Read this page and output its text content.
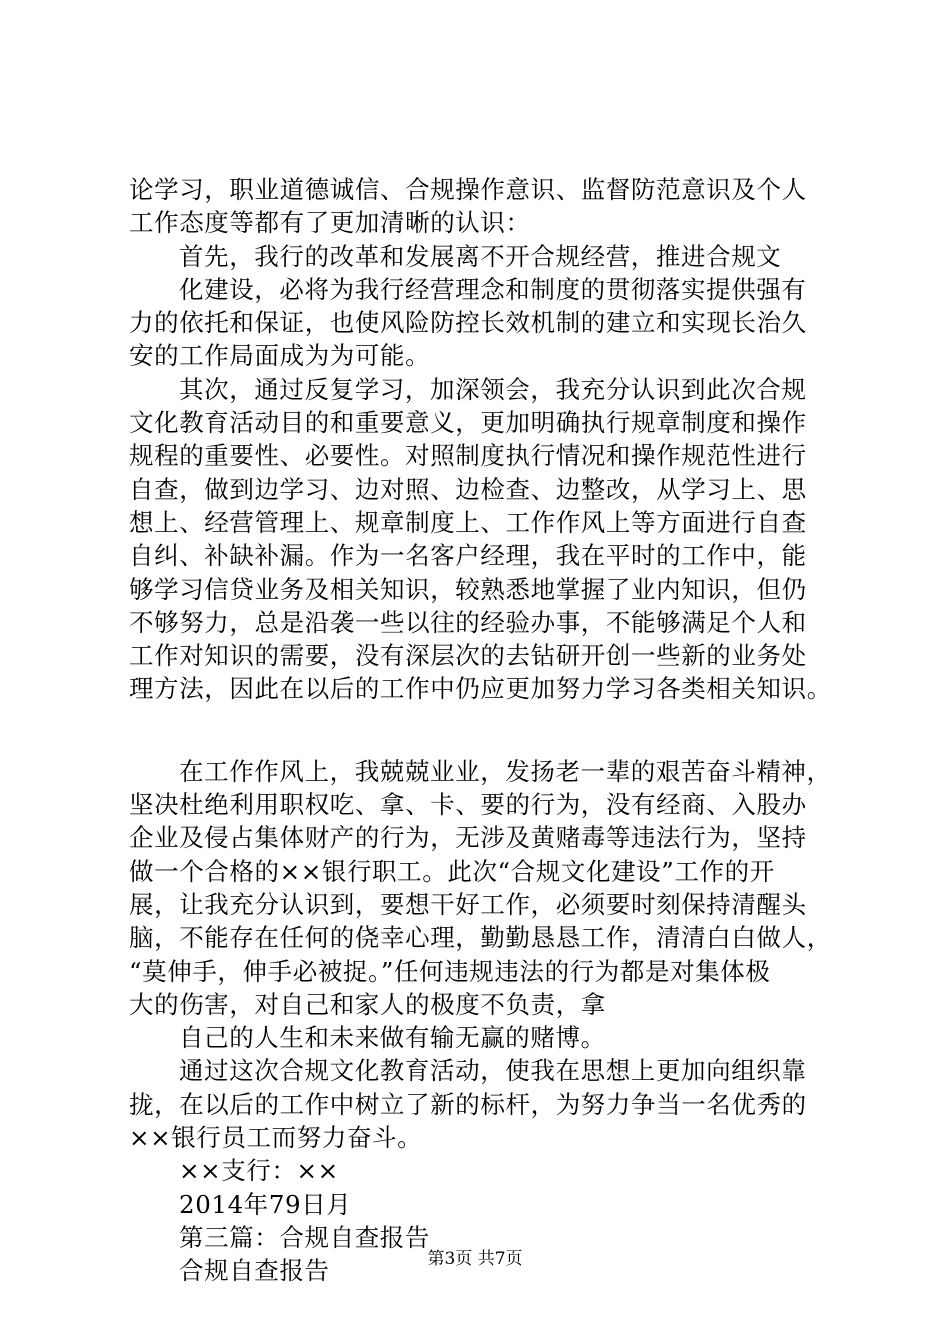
论学习，职业道德诚信、合规操作意识、监督防范意识及个人
工作态度等都有了更加清晰的认识：
首先，我行的改革和发展离不开合规经营，推进合规文
化建设，必将为我行经营理念和制度的贯彻落实提供强有
力的依托和保证，也使风险防控长效机制的建立和实现长治久
安的工作局面成为为可能。
其次，通过反复学习，加深领会，我充分认识到此次合规
文化教育活动目的和重要意义，更加明确执行规章制度和操作
规程的重要性、必要性。对照制度执行情况和操作规范性进行
自查，做到边学习、边对照、边检查、边整改，从学习上、思
想上、经营管理上、规章制度上、工作作风上等方面进行自查
自纠、补缺补漏。作为一名客户经理，我在平时的工作中，能
够学习信贷业务及相关知识，较熟悉地掌握了业内知识，但仍
不够努力，总是沿袭一些以往的经验办事，不能够满足个人和
工作对知识的需要，没有深层次的去钻研开创一些新的业务处
理方法，因此在以后的工作中仍应更加努力学习各类相关知识。
在工作作风上，我兢兢业业，发扬老一辈的艰苦奋斗精神，
坚决杜绝利用职权吃、拿、卡、要的行为，没有经商、入股办
企业及侵占集体财产的行为，无涉及黄赌毒等违法行为，坚持
做一个合格的××银行职工。此次“合规文化建设”工作的开
展，让我充分认识到，要想干好工作，必须要时刻保持清醒头
脑，不能存在任何的侥幸心理，勤勤恳恳工作，清清白白做人，
“莫伸手，伸手必被捉。”任何违规违法的行为都是对集体极
大的伤害，对自己和家人的极度不负责，拿
自己的人生和未来做有输无赢的赌博。
通过这次合规文化教育活动，使我在思想上更加向组织靠
拢，在以后的工作中树立了新的标杆，为努力争当一名优秀的
××银行员工而努力奋斗。
××支行：××
2014年79日月
第三篇：合规自查报告
合规自查报告	第3页 共7页
